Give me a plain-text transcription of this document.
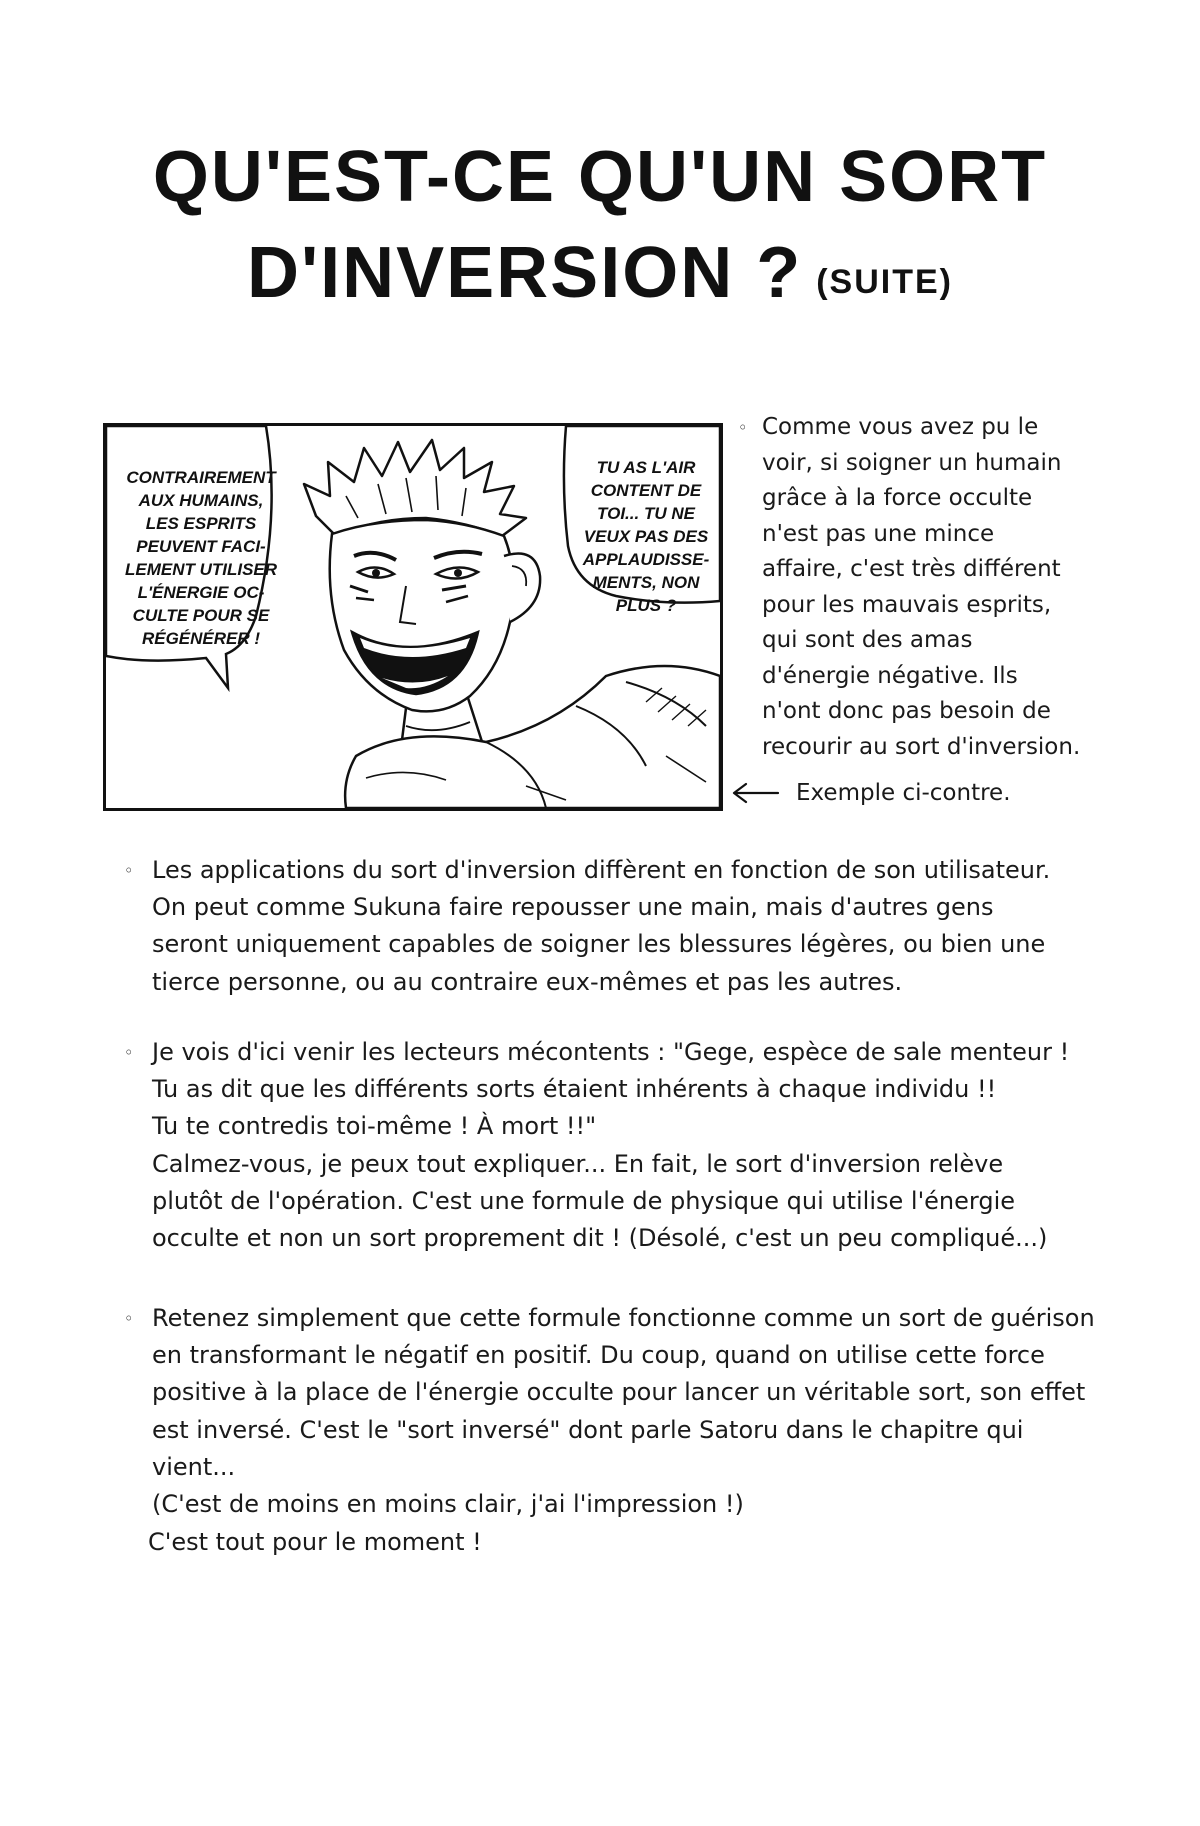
QU'EST-CE QU'UN SORT
D'INVERSION ? (SUITE)
CONTRAIREMENT
AUX HUMAINS,
LES ESPRITS
PEUVENT FACI-
LEMENT UTILISER
L'ÉNERGIE OC-
CULTE POUR SE
RÉGÉNÉRER !
TU AS L'AIR
CONTENT DE
TOI... TU NE
VEUX PAS DES
APPLAUDISSE-
MENTS, NON
PLUS ?
◦ Comme vous avez pu le
voir, si soigner un humain
grâce à la force occulte
n'est pas une mince
affaire, c'est très différent
pour les mauvais esprits,
qui sont des amas
d'énergie négative. Ils
n'ont donc pas besoin de
recourir au sort d'inversion.
Exemple ci-contre.
◦ Les applications du sort d'inversion diffèrent en fonction de son utilisateur.
On peut comme Sukuna faire repousser une main, mais d'autres gens
seront uniquement capables de soigner les blessures légères, ou bien une
tierce personne, ou au contraire eux-mêmes et pas les autres.
◦ Je vois d'ici venir les lecteurs mécontents : "Gege, espèce de sale menteur !
Tu as dit que les différents sorts étaient inhérents à chaque individu !!
Tu te contredis toi-même ! À mort !!"
Calmez-vous, je peux tout expliquer... En fait, le sort d'inversion relève
plutôt de l'opération. C'est une formule de physique qui utilise l'énergie
occulte et non un sort proprement dit ! (Désolé, c'est un peu compliqué...)
◦ Retenez simplement que cette formule fonctionne comme un sort de guérison
en transformant le négatif en positif. Du coup, quand on utilise cette force
positive à la place de l'énergie occulte pour lancer un véritable sort, son effet
est inversé. C'est le "sort inversé" dont parle Satoru dans le chapitre qui vient...
(C'est de moins en moins clair, j'ai l'impression !)
C'est tout pour le moment !
